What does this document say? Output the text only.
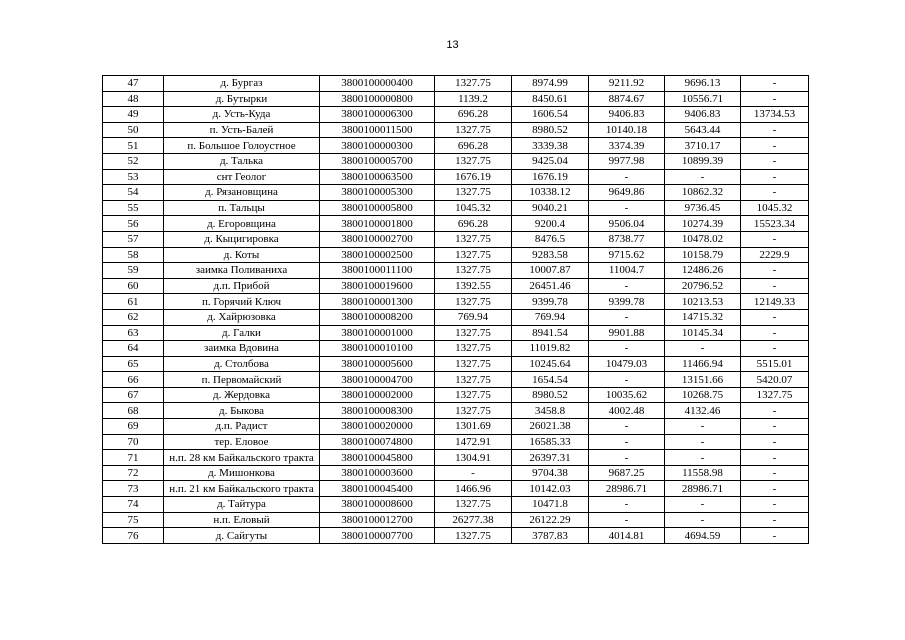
13
47	д. Бургаз	3800100000400	1327.75	8974.99	9211.92	9696.13	-
48	д. Бутырки	3800100000800	1139.2	8450.61	8874.67	10556.71	-
49	д. Усть-Куда	3800100006300	696.28	1606.54	9406.83	9406.83	13734.53
50	п. Усть-Балей	3800100011500	1327.75	8980.52	10140.18	5643.44	-
51	п. Большое Голоустное	3800100000300	696.28	3339.38	3374.39	3710.17	-
52	д. Талька	3800100005700	1327.75	9425.04	9977.98	10899.39	-
53	снт Геолог	3800100063500	1676.19	1676.19	-	-	-
54	д. Рязановщина	3800100005300	1327.75	10338.12	9649.86	10862.32	-
55	п. Тальцы	3800100005800	1045.32	9040.21	-	9736.45	1045.32
56	д. Егоровщина	3800100001800	696.28	9200.4	9506.04	10274.39	15523.34
57	д. Кыцигировка	3800100002700	1327.75	8476.5	8738.77	10478.02	-
58	д. Коты	3800100002500	1327.75	9283.58	9715.62	10158.79	2229.9
59	заимка Поливаниха	3800100011100	1327.75	10007.87	11004.7	12486.26	-
60	д.п. Прибой	3800100019600	1392.55	26451.46	-	20796.52	-
61	п. Горячий Ключ	3800100001300	1327.75	9399.78	9399.78	10213.53	12149.33
62	д. Хайрюзовка	3800100008200	769.94	769.94	-	14715.32	-
63	д. Галки	3800100001000	1327.75	8941.54	9901.88	10145.34	-
64	заимка Вдовина	3800100010100	1327.75	11019.82	-	-	-
65	д. Столбова	3800100005600	1327.75	10245.64	10479.03	11466.94	5515.01
66	п. Первомайский	3800100004700	1327.75	1654.54	-	13151.66	5420.07
67	д. Жердовка	3800100002000	1327.75	8980.52	10035.62	10268.75	1327.75
68	д. Быкова	3800100008300	1327.75	3458.8	4002.48	4132.46	-
69	д.п. Радист	3800100020000	1301.69	26021.38	-	-	-
70	тер. Еловое	3800100074800	1472.91	16585.33	-	-	-
71	н.п. 28 км Байкальского тракта	3800100045800	1304.91	26397.31	-	-	-
72	д. Мишонкова	3800100003600	-	9704.38	9687.25	11558.98	-
73	н.п. 21 км Байкальского тракта	3800100045400	1466.96	10142.03	28986.71	28986.71	-
74	д. Тайтура	3800100008600	1327.75	10471.8	-	-	-
75	н.п. Еловый	3800100012700	26277.38	26122.29	-	-	-
76	д. Сайгуты	3800100007700	1327.75	3787.83	4014.81	4694.59	-
